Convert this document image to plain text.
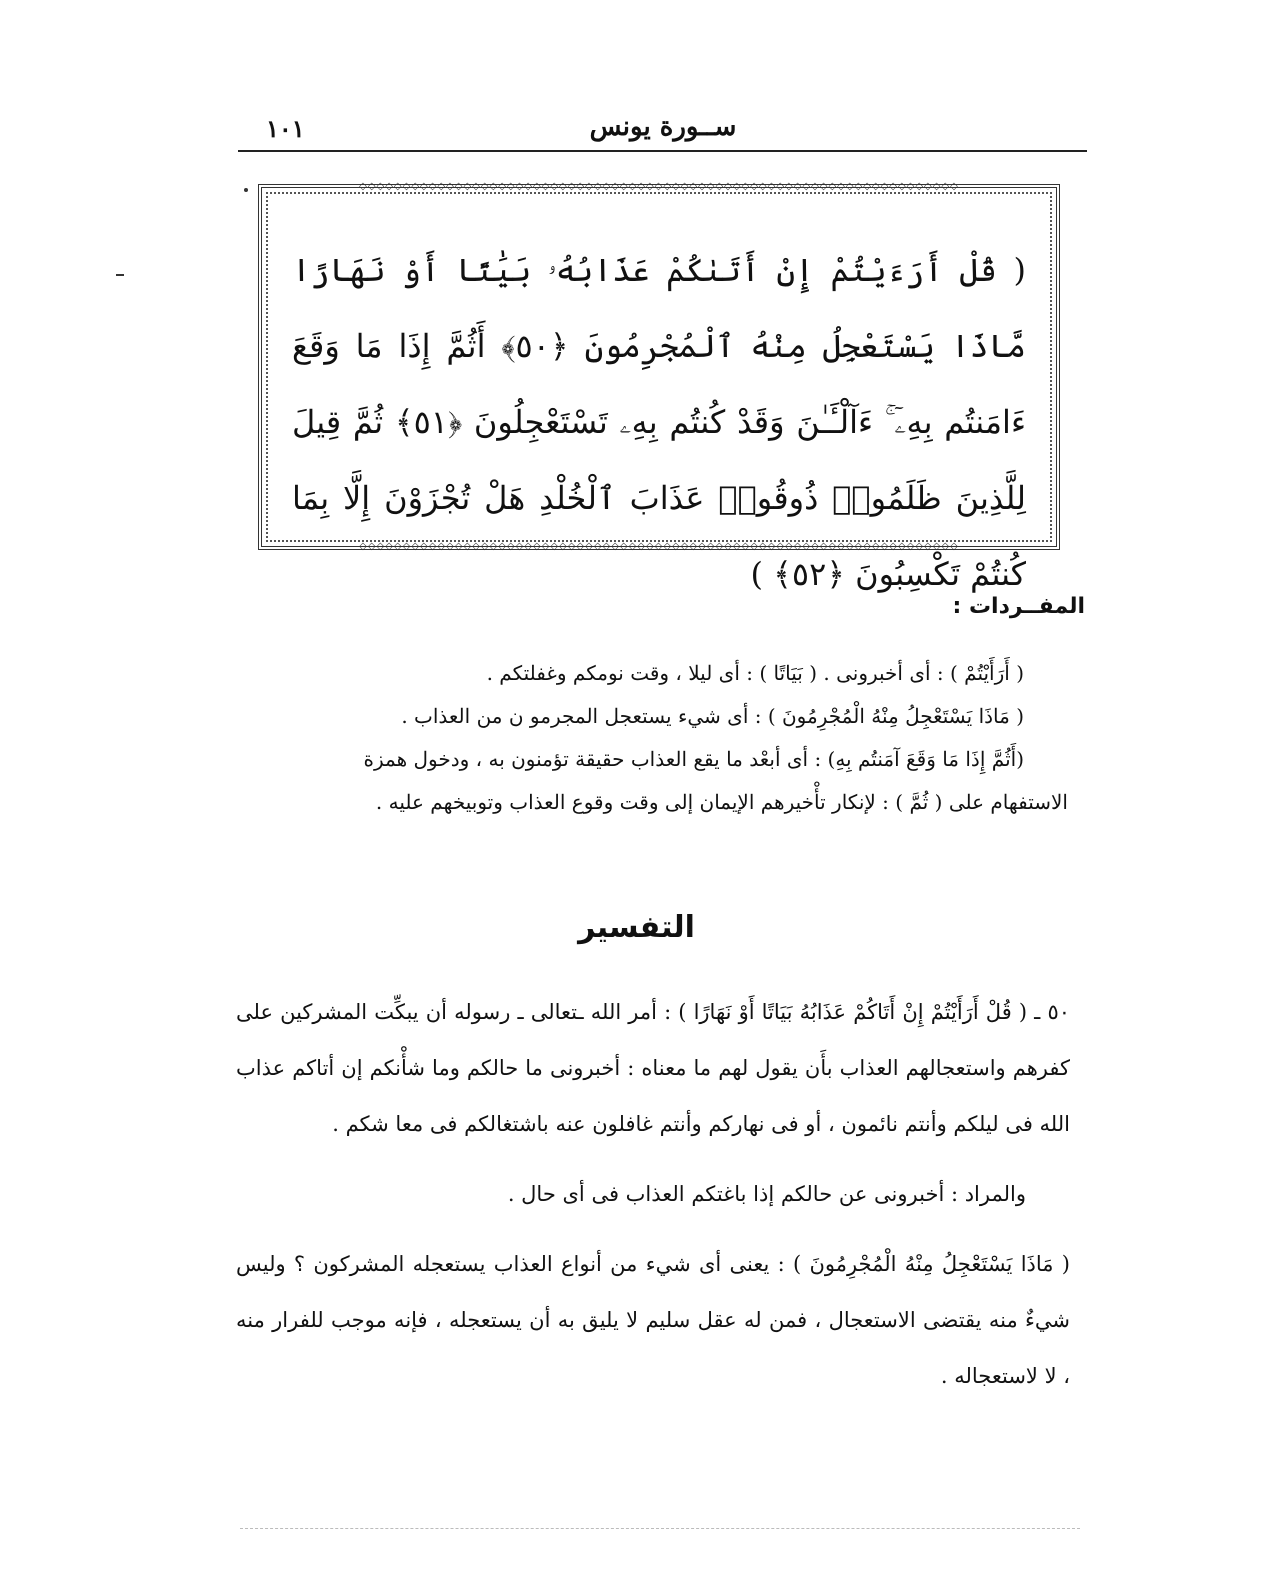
ســورة يونس
١٠١
◇◇◇◇◇◇◇◇◇◇◇◇◇◇◇◇◇◇◇◇◇◇◇◇◇◇◇◇◇◇◇◇◇◇◇◇◇◇◇◇◇◇◇◇◇◇◇◇◇◇◇◇◇◇◇◇◇◇◇◇◇◇◇◇◇◇◇◇◇
( قُلْ أَرَءَيْتُمْ إِنْ أَتَىٰكُمْ عَذَابُهُۥ بَيَٰتًا أَوْ نَهَارًا مَّاذَا يَسْتَعْجِلُ مِنْهُ ٱلْمُجْرِمُونَ ﴿٥٠﴾ أَثُمَّ إِذَا مَا وَقَعَ ءَامَنتُم بِهِۦٓ ۚ ءَآلْـَٔـٰنَ وَقَدْ كُنتُم بِهِۦ تَسْتَعْجِلُونَ ﴿٥١﴾ ثُمَّ قِيلَ لِلَّذِينَ ظَلَمُوا۟ ذُوقُوا۟ عَذَابَ ٱلْخُلْدِ هَلْ تُجْزَوْنَ إِلَّا بِمَا كُنتُمْ تَكْسِبُونَ ﴿٥٢﴾ )
◇◇◇◇◇◇◇◇◇◇◇◇◇◇◇◇◇◇◇◇◇◇◇◇◇◇◇◇◇◇◇◇◇◇◇◇◇◇◇◇◇◇◇◇◇◇◇◇◇◇◇◇◇◇◇◇◇◇◇◇◇◇◇◇◇◇◇◇◇
المفــردات :

( أَرَأَيْتُمْ ) : أى أخبرونى . ( بَيَاتًا ) : أى ليلا ، وقت نومكم وغفلتكم .

( مَاذَا يَسْتَعْجِلُ مِنْهُ الْمُجْرِمُونَ ) : أى شيء يستعجل المجرمو ن من العذاب .

(أَثُمَّ إِذَا مَا وَقَعَ آمَنتُم بِهِ) : أى أبعْد ما يقع العذاب حقيقة تؤمنون به ، ودخول همزة

الاستفهام على ( ثُمَّ ) : لإنكار تأْخيرهم الإيمان إلى وقت وقوع العذاب وتوبيخهم عليه .

التفسير

٥٠ ـ ( قُلْ أَرَأَيْتُمْ إِنْ أَتَاكُمْ عَذَابُهُ بَيَاتًا أَوْ نَهَارًا ) : أمر الله ـتعالى ـ رسوله أن يبكِّت المشركين على كفرهم واستعجالهم العذاب بأَن يقول لهم ما معناه : أخبرونى ما حالكم وما شأْنكم إن أتاكم عذاب الله فى ليلكم وأنتم نائمون ، أو فى نهاركم وأنتم غافلون عنه باشتغالكم فى معا شكم .

والمراد : أخبرونى عن حالكم إذا باغتكم العذاب فى أى حال .

( مَاذَا يَسْتَعْجِلُ مِنْهُ الْمُجْرِمُونَ ) : يعنى أى شيء من أنواع العذاب يستعجله المشركون ؟ وليس شيءٌ منه يقتضى الاستعجال ، فمن له عقل سليم لا يليق به أن يستعجله ، فإنه موجب للفرار منه ، لا لاستعجاله .
